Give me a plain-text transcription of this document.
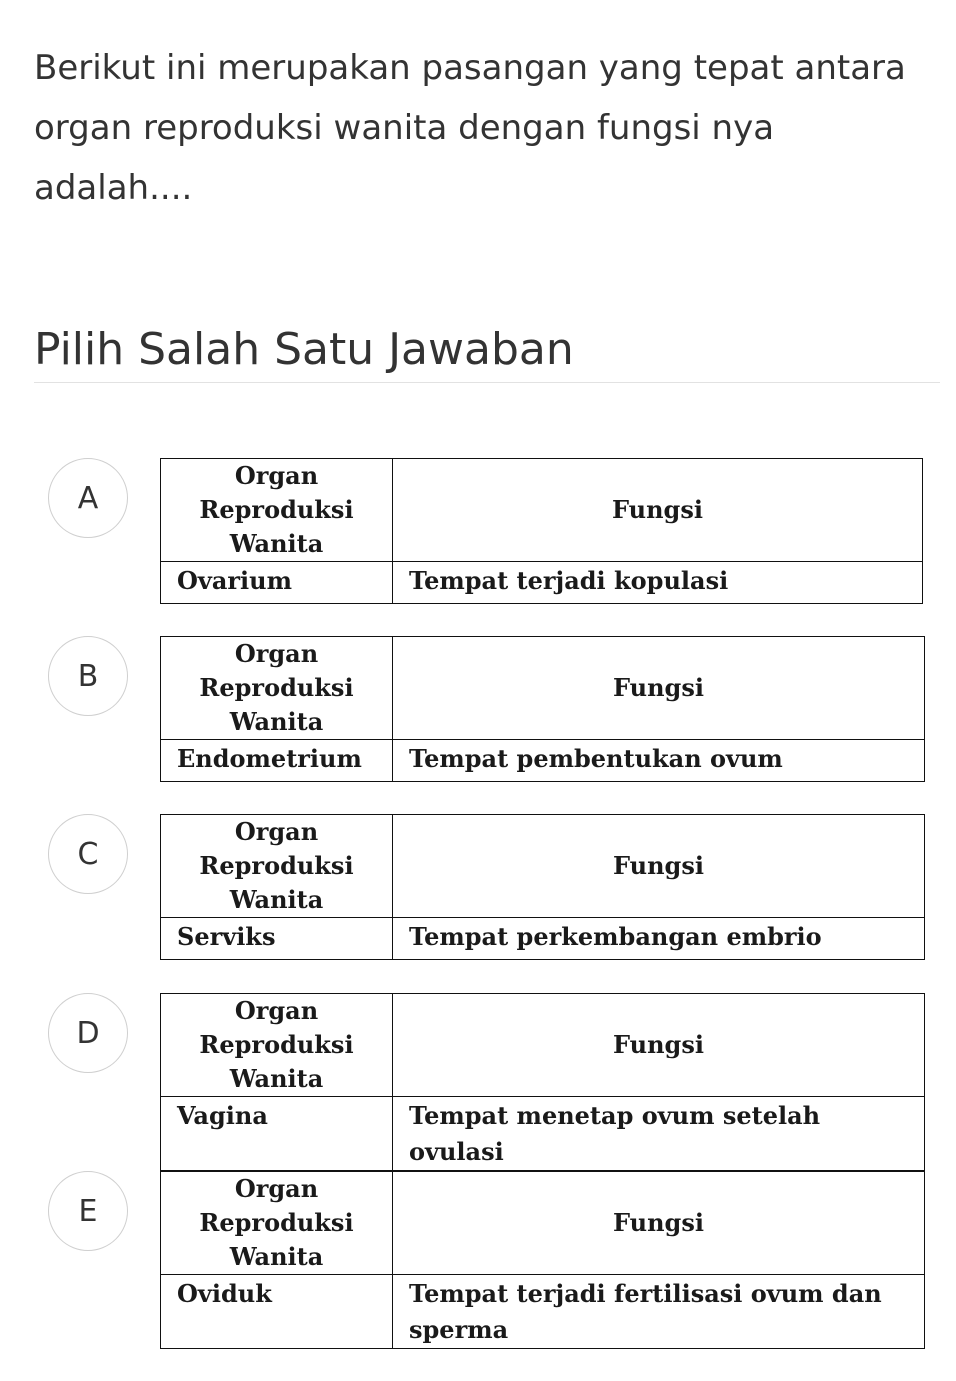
Berikut ini merupakan pasangan yang tepat antara organ reproduksi wanita dengan fungsi nya adalah....

Pilih Salah Satu Jawaban
A
Organ Reproduksi Wanita	Fungsi
Ovarium	Tempat terjadi kopulasi
B
Organ Reproduksi Wanita	Fungsi
Endometrium	Tempat pembentukan ovum
C
Organ Reproduksi Wanita	Fungsi
Serviks	Tempat perkembangan embrio
D
Organ Reproduksi Wanita	Fungsi
Vagina	Tempat menetap ovum setelah ovulasi
E
Organ Reproduksi Wanita	Fungsi
Oviduk	Tempat terjadi fertilisasi ovum dan sperma
